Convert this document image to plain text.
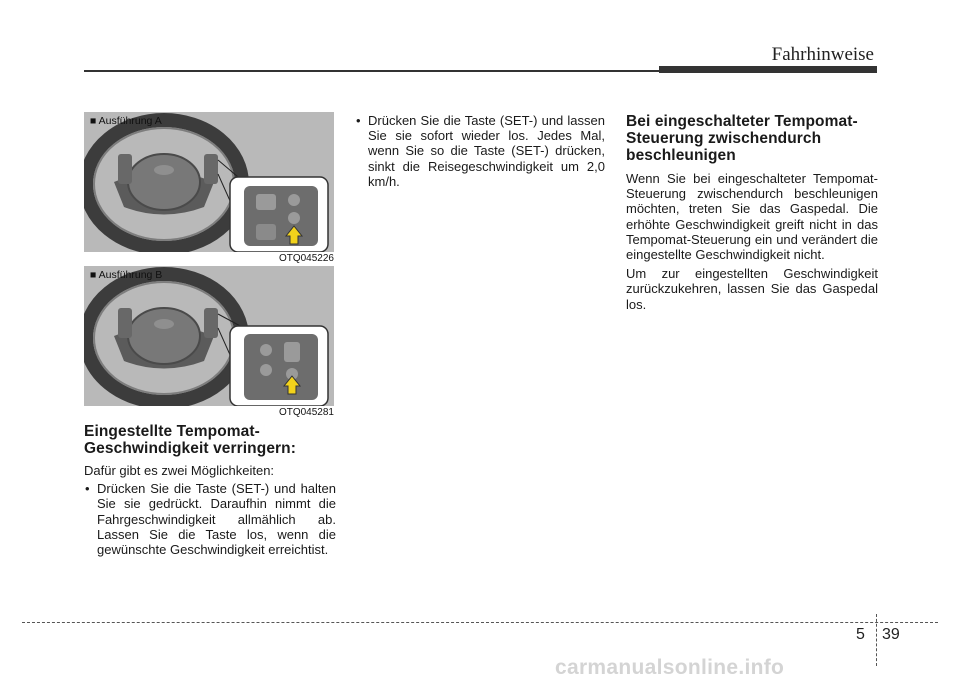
Fahrhinweise
■ Ausführung A
OTQ045226
■ Ausführung B
OTQ045281
Eingestellte Tempomat-
Geschwindigkeit verringern:
Dafür gibt es zwei Möglichkeiten:
• Drücken Sie die Taste (SET-) und halten Sie sie gedrückt. Daraufhin nimmt die Fahrgeschwindigkeit allmählich ab. Lassen Sie die Taste los, wenn die gewünschte Geschwindigkeit erreichtist.
• Drücken Sie die Taste (SET-) und lassen Sie sie sofort wieder los. Jedes Mal, wenn Sie so die Taste (SET-) drücken, sinkt die Reisegeschwindigkeit um 2,0 km/h.
Bei eingeschalteter Tempomat-
Steuerung zwischendurch
beschleunigen
Wenn Sie bei eingeschalteter Tempomat-Steuerung zwischendurch beschleunigen möchten, treten Sie das Gaspedal. Die erhöhte Geschwindigkeit greift nicht in das Tempomat-Steuerung ein und verändert die eingestellte Geschwindigkeit nicht.
Um zur eingestellten Geschwindigkeit zurückzukehren, lassen Sie das Gaspedal los.
5 39
carmanualsonline.info
